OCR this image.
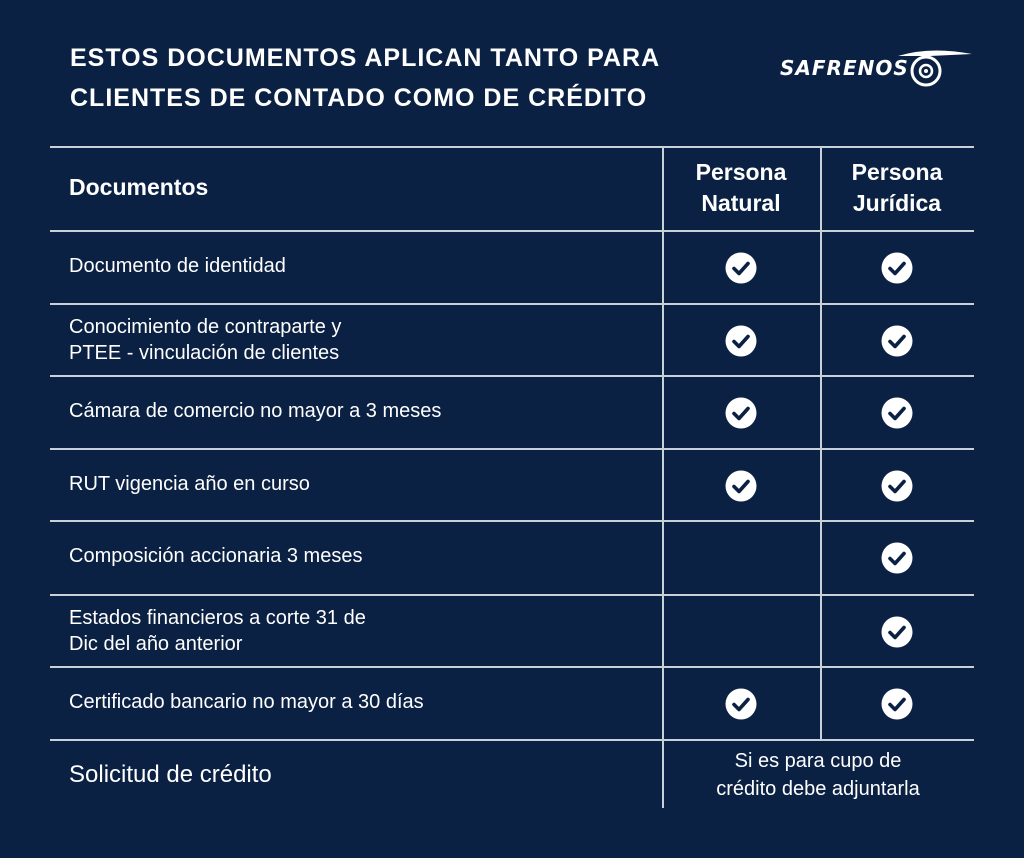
ESTOS DOCUMENTOS APLICAN TANTO PARA
CLIENTES DE CONTADO COMO DE CRÉDITO
SAFRENOS
Documentos
Persona
Natural
Persona
Jurídica
Documento de identidad
Conocimiento de contraparte y
PTEE - vinculación de clientes
Cámara de comercio no mayor a 3 meses
RUT vigencia año en curso
Composición accionaria 3 meses
Estados financieros a corte 31 de
Dic del año anterior
Certificado bancario no mayor a 30 días
Solicitud de crédito	Si es para cupo de
crédito debe adjuntarla
